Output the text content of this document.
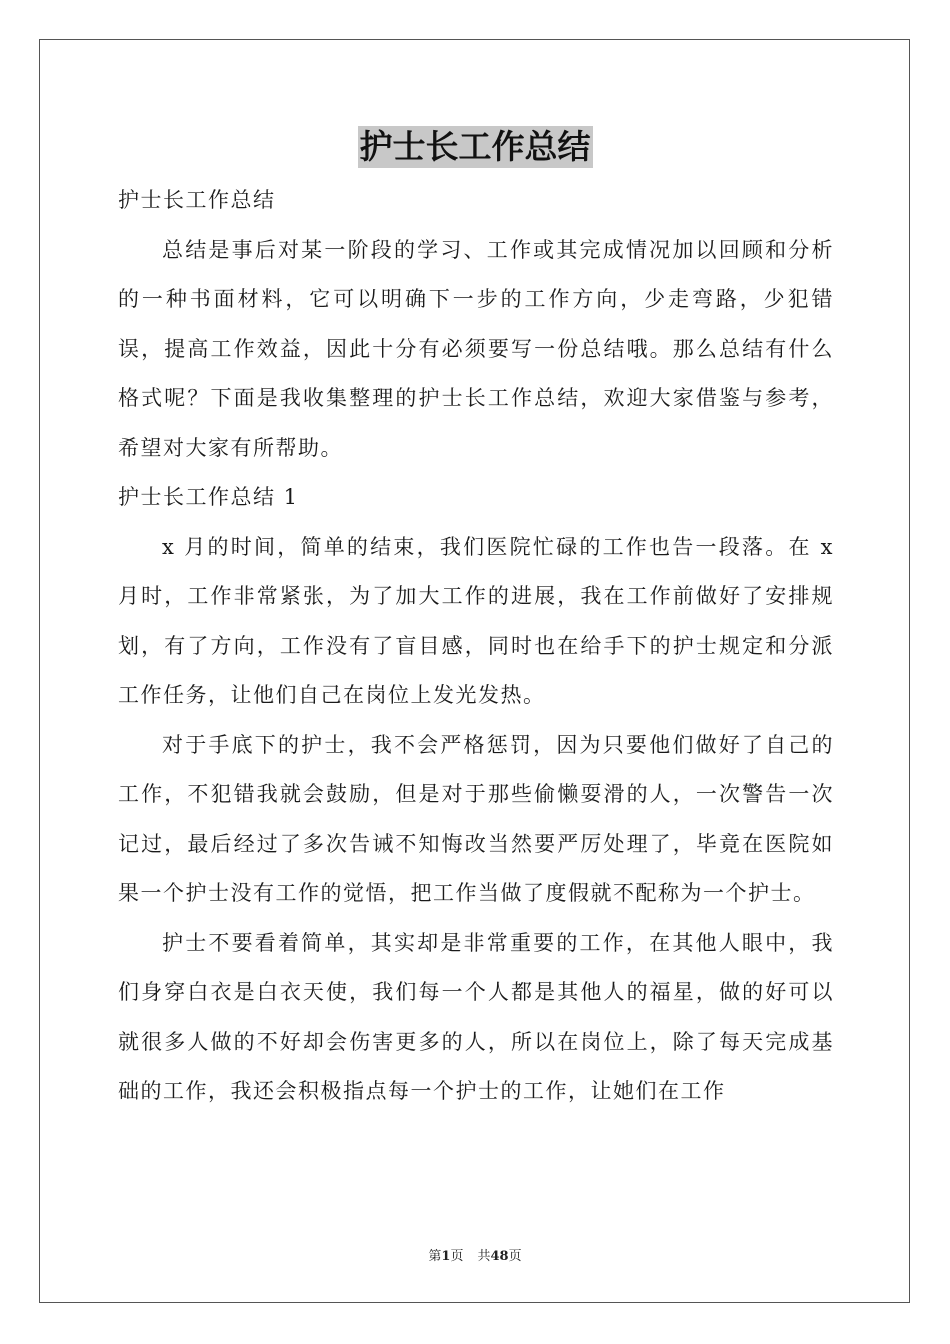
护士长工作总结

护士长工作总结

总结是事后对某一阶段的学习、工作或其完成情况加以回顾和分析的一种书面材料，它可以明确下一步的工作方向，少走弯路，少犯错误，提高工作效益，因此十分有必须要写一份总结哦。那么总结有什么格式呢？下面是我收集整理的护士长工作总结，欢迎大家借鉴与参考，希望对大家有所帮助。

护士长工作总结 1

x 月的时间，简单的结束，我们医院忙碌的工作也告一段落。在 x 月时，工作非常紧张，为了加大工作的进展，我在工作前做好了安排规划，有了方向，工作没有了盲目感，同时也在给手下的护士规定和分派工作任务，让他们自己在岗位上发光发热。

对于手底下的护士，我不会严格惩罚，因为只要他们做好了自己的工作，不犯错我就会鼓励，但是对于那些偷懒耍滑的人，一次警告一次记过，最后经过了多次告诫不知悔改当然要严厉处理了，毕竟在医院如果一个护士没有工作的觉悟，把工作当做了度假就不配称为一个护士。

护士不要看着简单，其实却是非常重要的工作，在其他人眼中，我们身穿白衣是白衣天使，我们每一个人都是其他人的福星，做的好可以就很多人做的不好却会伤害更多的人，所以在岗位上，除了每天完成基础的工作，我还会积极指点每一个护士的工作，让她们在工作

第1页 共48页
